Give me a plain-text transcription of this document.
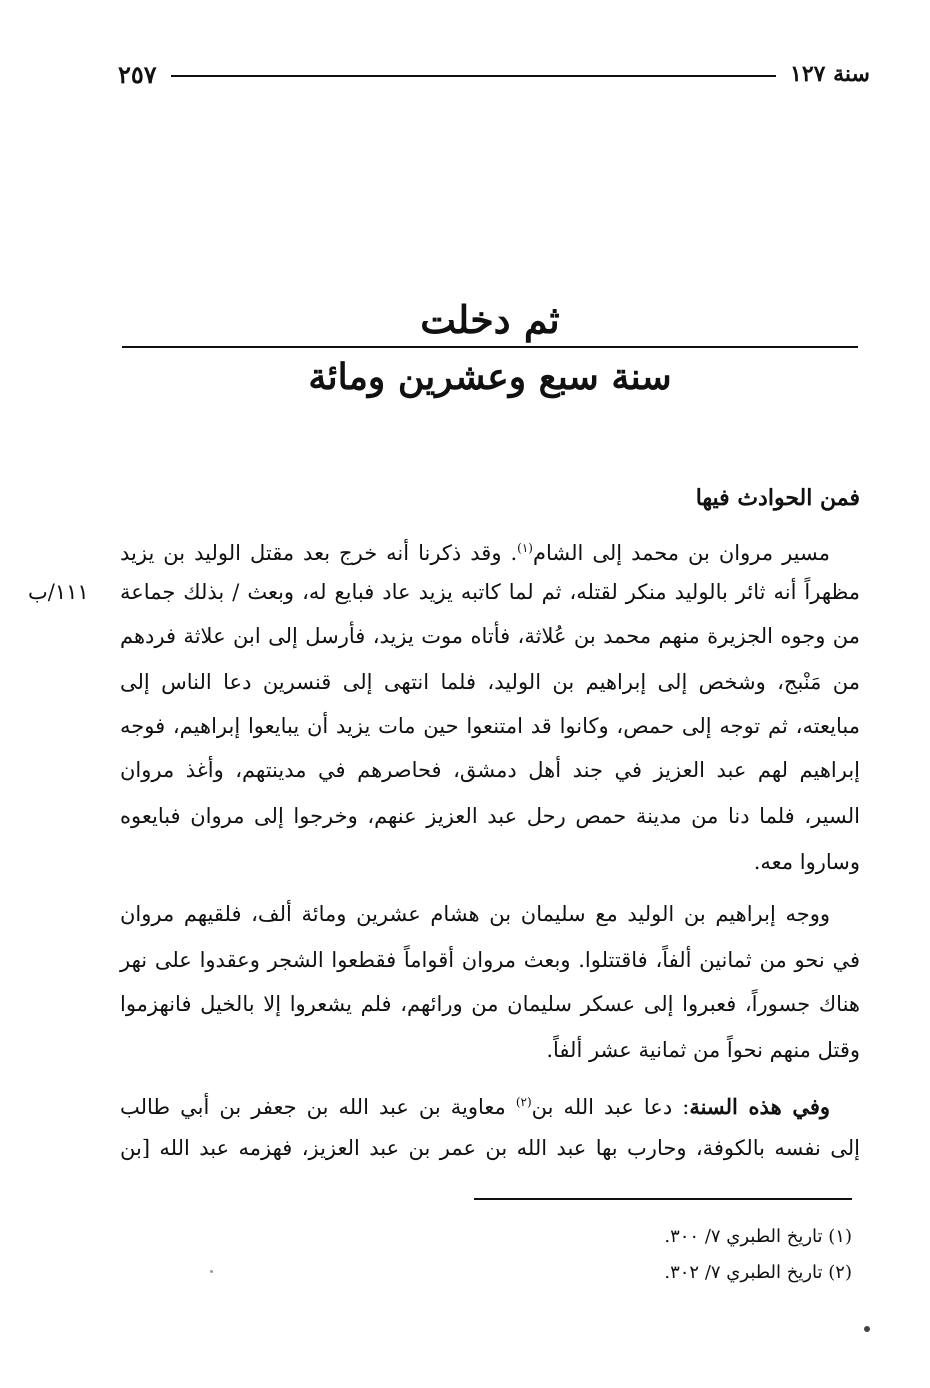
سنة ١٢٧
٢٥٧
ثم دخلت
سنة سبع وعشرين ومائة
فمن الحوادث فيها
١١١/ب
مسير مروان بن محمد إلى الشام$^{(١)}$. وقد ذكرنا أنه خرج بعد مقتل الوليد بن يزيد
مظهراً أنه ثائر بالوليد منكر لقتله، ثم لما كاتبه يزيد عاد فبايع له، وبعث / بذلك جماعة
من وجوه الجزيرة منهم محمد بن عُلاثة، فأتاه موت يزيد، فأرسل إلى ابن علاثة فردهم
من مَنْبج، وشخص إلى إبراهيم بن الوليد، فلما انتهى إلى قنسرين دعا الناس إلى
مبايعته، ثم توجه إلى حمص، وكانوا قد امتنعوا حين مات يزيد أن يبايعوا إبراهيم، فوجه
إبراهيم لهم عبد العزيز في جند أهل دمشق، فحاصرهم في مدينتهم، وأغذ مروان
السير، فلما دنا من مدينة حمص رحل عبد العزيز عنهم، وخرجوا إلى مروان فبايعوه
وساروا معه.
ووجه إبراهيم بن الوليد مع سليمان بن هشام عشرين ومائة ألف، فلقيهم مروان
في نحو من ثمانين ألفاً، فاقتتلوا. وبعث مروان أقواماً فقطعوا الشجر وعقدوا على نهر
هناك جسوراً، فعبروا إلى عسكر سليمان من ورائهم، فلم يشعروا إلا بالخيل فانهزموا
وقتل منهم نحواً من ثمانية عشر ألفاً.
وفي هذه السنة: دعا عبد الله بن$^{(٢)}$ معاوية بن عبد الله بن جعفر بن أبي طالب
إلى نفسه بالكوفة، وحارب بها عبد الله بن عمر بن عبد العزيز، فهزمه عبد الله [بن
(١) تاريخ الطبري ٧/ ٣٠٠.
(٢) تاريخ الطبري ٧/ ٣٠٢.
